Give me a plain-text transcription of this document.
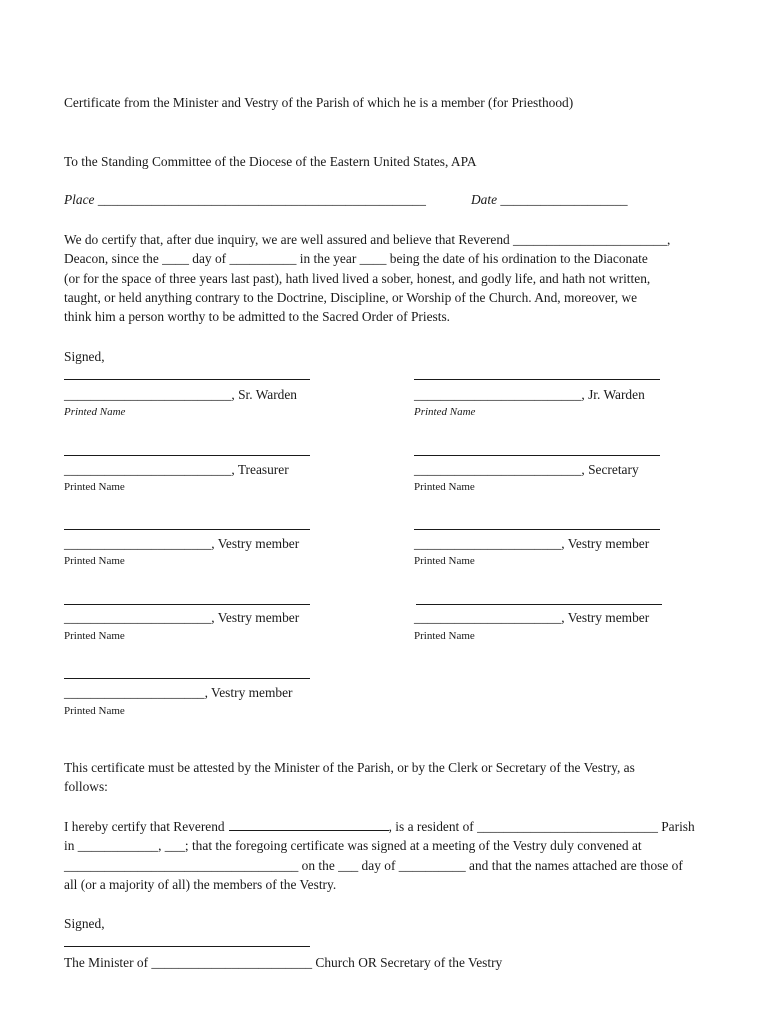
Certificate from the Minister and Vestry of the Parish of which he is a member (for Priesthood)
To the Standing Committee of the Diocese of the Eastern United States, APA
Place _________________________________________________	Date ___________________
We do certify that, after due inquiry, we are well assured and believe that Reverend _______________________,
Deacon, since the ____ day of __________ in the year ____ being the date of his ordination to the Diaconate
(or for the space of three years last past), hath lived lived a sober, honest, and godly life, and hath not written,
taught, or held anything contrary to the Doctrine, Discipline, or Worship of the Church. And, moreover, we
think him a person worthy to be admitted to the Sacred Order of Priests.
Signed,
_________________________, Sr. Warden
Printed Name
_________________________, Jr. Warden
Printed Name
_________________________, Treasurer
Printed Name
_________________________, Secretary
Printed Name
______________________, Vestry member
Printed Name
______________________, Vestry member
Printed Name
______________________, Vestry member
Printed Name
______________________, Vestry member
Printed Name
_____________________, Vestry member
Printed Name
This certificate must be attested by the Minister of the Parish, or by the Clerk or Secretary of the Vestry, as
follows:
I hereby certify that Reverend	, is a resident of ___________________________ Parish
in ____________, ___; that the foregoing certificate was signed at a meeting of the Vestry duly convened at
___________________________________ on the ___ day of __________ and that the names attached are those of
all (or a majority of all) the members of the Vestry.
Signed,
The Minister of ________________________ Church OR Secretary of the Vestry
